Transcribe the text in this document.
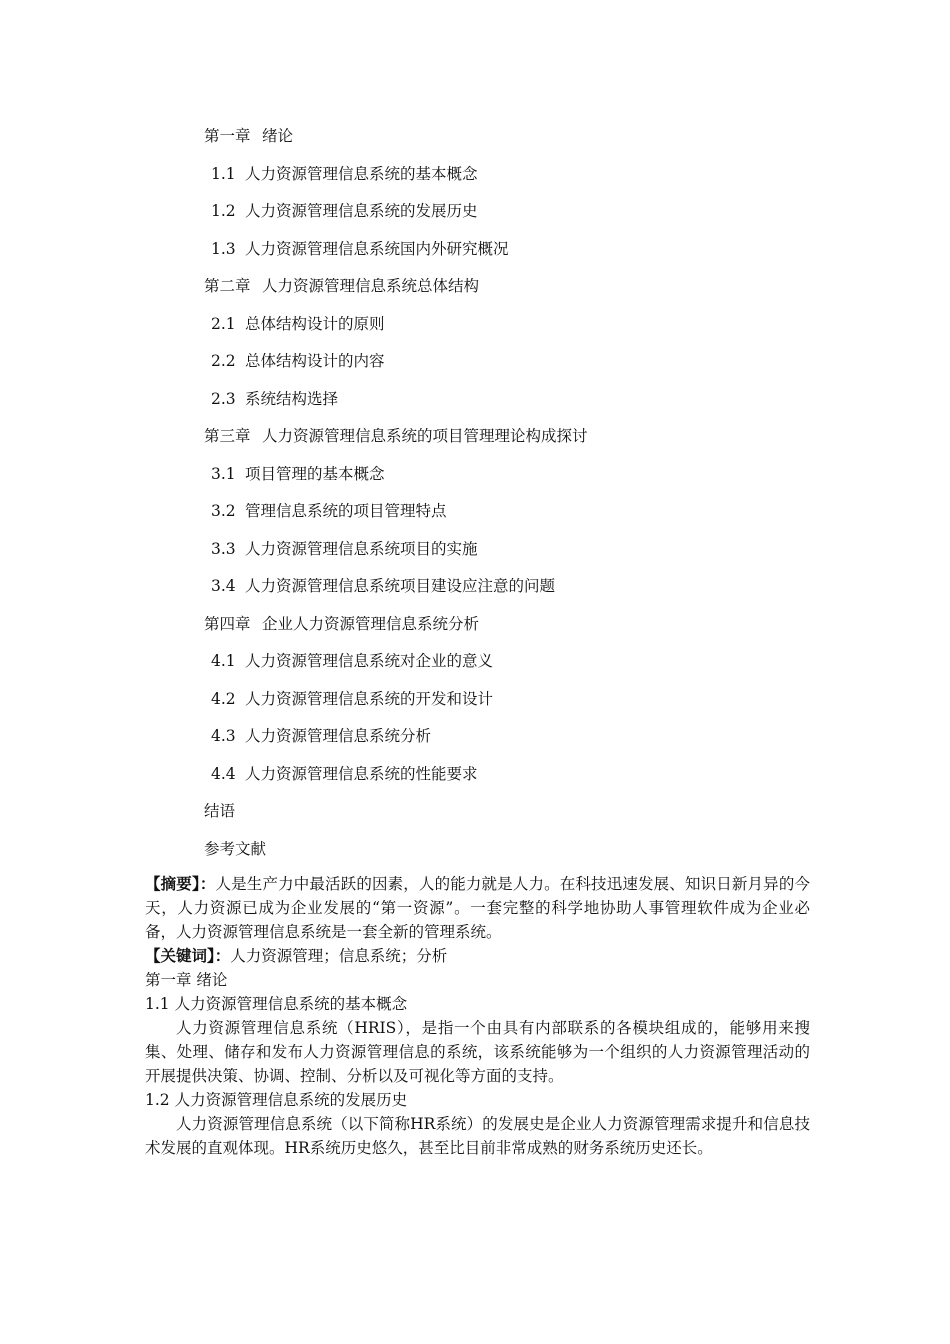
第一章 绪论
1.1 人力资源管理信息系统的基本概念
1.2 人力资源管理信息系统的发展历史
1.3 人力资源管理信息系统国内外研究概况
第二章 人力资源管理信息系统总体结构
2.1 总体结构设计的原则
2.2 总体结构设计的内容
2.3 系统结构选择
第三章 人力资源管理信息系统的项目管理理论构成探讨
3.1 项目管理的基本概念
3.2 管理信息系统的项目管理特点
3.3 人力资源管理信息系统项目的实施
3.4 人力资源管理信息系统项目建设应注意的问题
第四章 企业人力资源管理信息系统分析
4.1 人力资源管理信息系统对企业的意义
4.2 人力资源管理信息系统的开发和设计
4.3 人力资源管理信息系统分析
4.4 人力资源管理信息系统的性能要求
结语
参考文献

【摘要】：人是生产力中最活跃的因素，人的能力就是人力。在科技迅速发展、知识日新月异的今天，人力资源已成为企业发展的“第一资源”。一套完整的科学地协助人事管理软件成为企业必备，人力资源管理信息系统是一套全新的管理系统。

【关键词】：人力资源管理；信息系统；分析

第一章 绪论

1.1 人力资源管理信息系统的基本概念

人力资源管理信息系统（HRIS），是指一个由具有内部联系的各模块组成的，能够用来搜集、处理、储存和发布人力资源管理信息的系统，该系统能够为一个组织的人力资源管理活动的开展提供决策、协调、控制、分析以及可视化等方面的支持。

1.2 人力资源管理信息系统的发展历史

人力资源管理信息系统（以下简称HR系统）的发展史是企业人力资源管理需求提升和信息技术发展的直观体现。HR系统历史悠久，甚至比目前非常成熟的财务系统历史还长。
